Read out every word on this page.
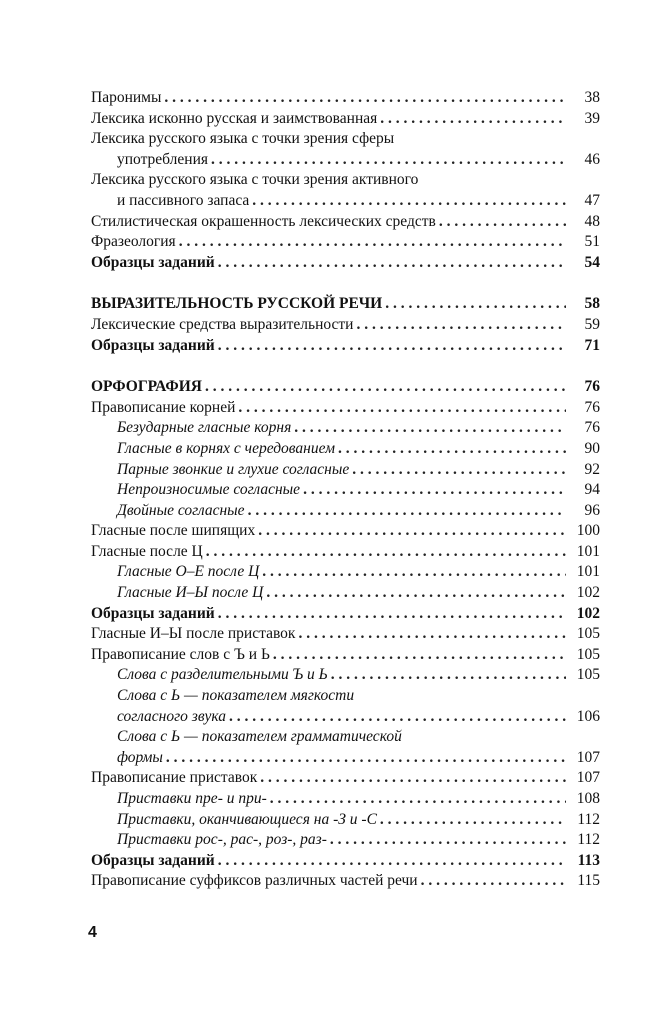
Паронимы . . .	38
Лексика исконно русская и заимствованная . . .	39
Лексика русского языка с точки зрения сферы
употребления . . .	46
Лексика русского языка с точки зрения активного
и пассивного запаса . . .	47
Стилистическая окрашенность лексических средств . . .	48
Фразеология . . .	51
Образцы заданий . . .	54
ВЫРАЗИТЕЛЬНОСТЬ РУССКОЙ РЕЧИ . . .	58
Лексические средства выразительности . . .	59
Образцы заданий . . .	71
ОРФОГРАФИЯ . . .	76
Правописание корней . . .	76
Безударные гласные корня . . .	76
Гласные в корнях с чередованием . . .	90
Парные звонкие и глухие согласные . . .	92
Непроизносимые согласные . . .	94
Двойные согласные . . .	96
Гласные после шипящих . . .	100
Гласные после Ц . . .	101
Гласные О–Е после Ц . . .	101
Гласные И–Ы после Ц . . .	102
Образцы заданий . . .	102
Гласные И–Ы после приставок . . .	105
Правописание слов с Ъ и Ь . . .	105
Слова с разделительными Ъ и Ь . . .	105
Слова с Ь — показателем мягкости
согласного звука . . .	106
Слова с Ь — показателем грамматической
формы . . .	107
Правописание приставок . . .	107
Приставки пре- и при- . . .	108
Приставки, оканчивающиеся на -З и -С . . .	112
Приставки рос-, рас-, роз-, раз- . . .	112
Образцы заданий . . .	113
Правописание суффиксов различных частей речи . . .	115
4
